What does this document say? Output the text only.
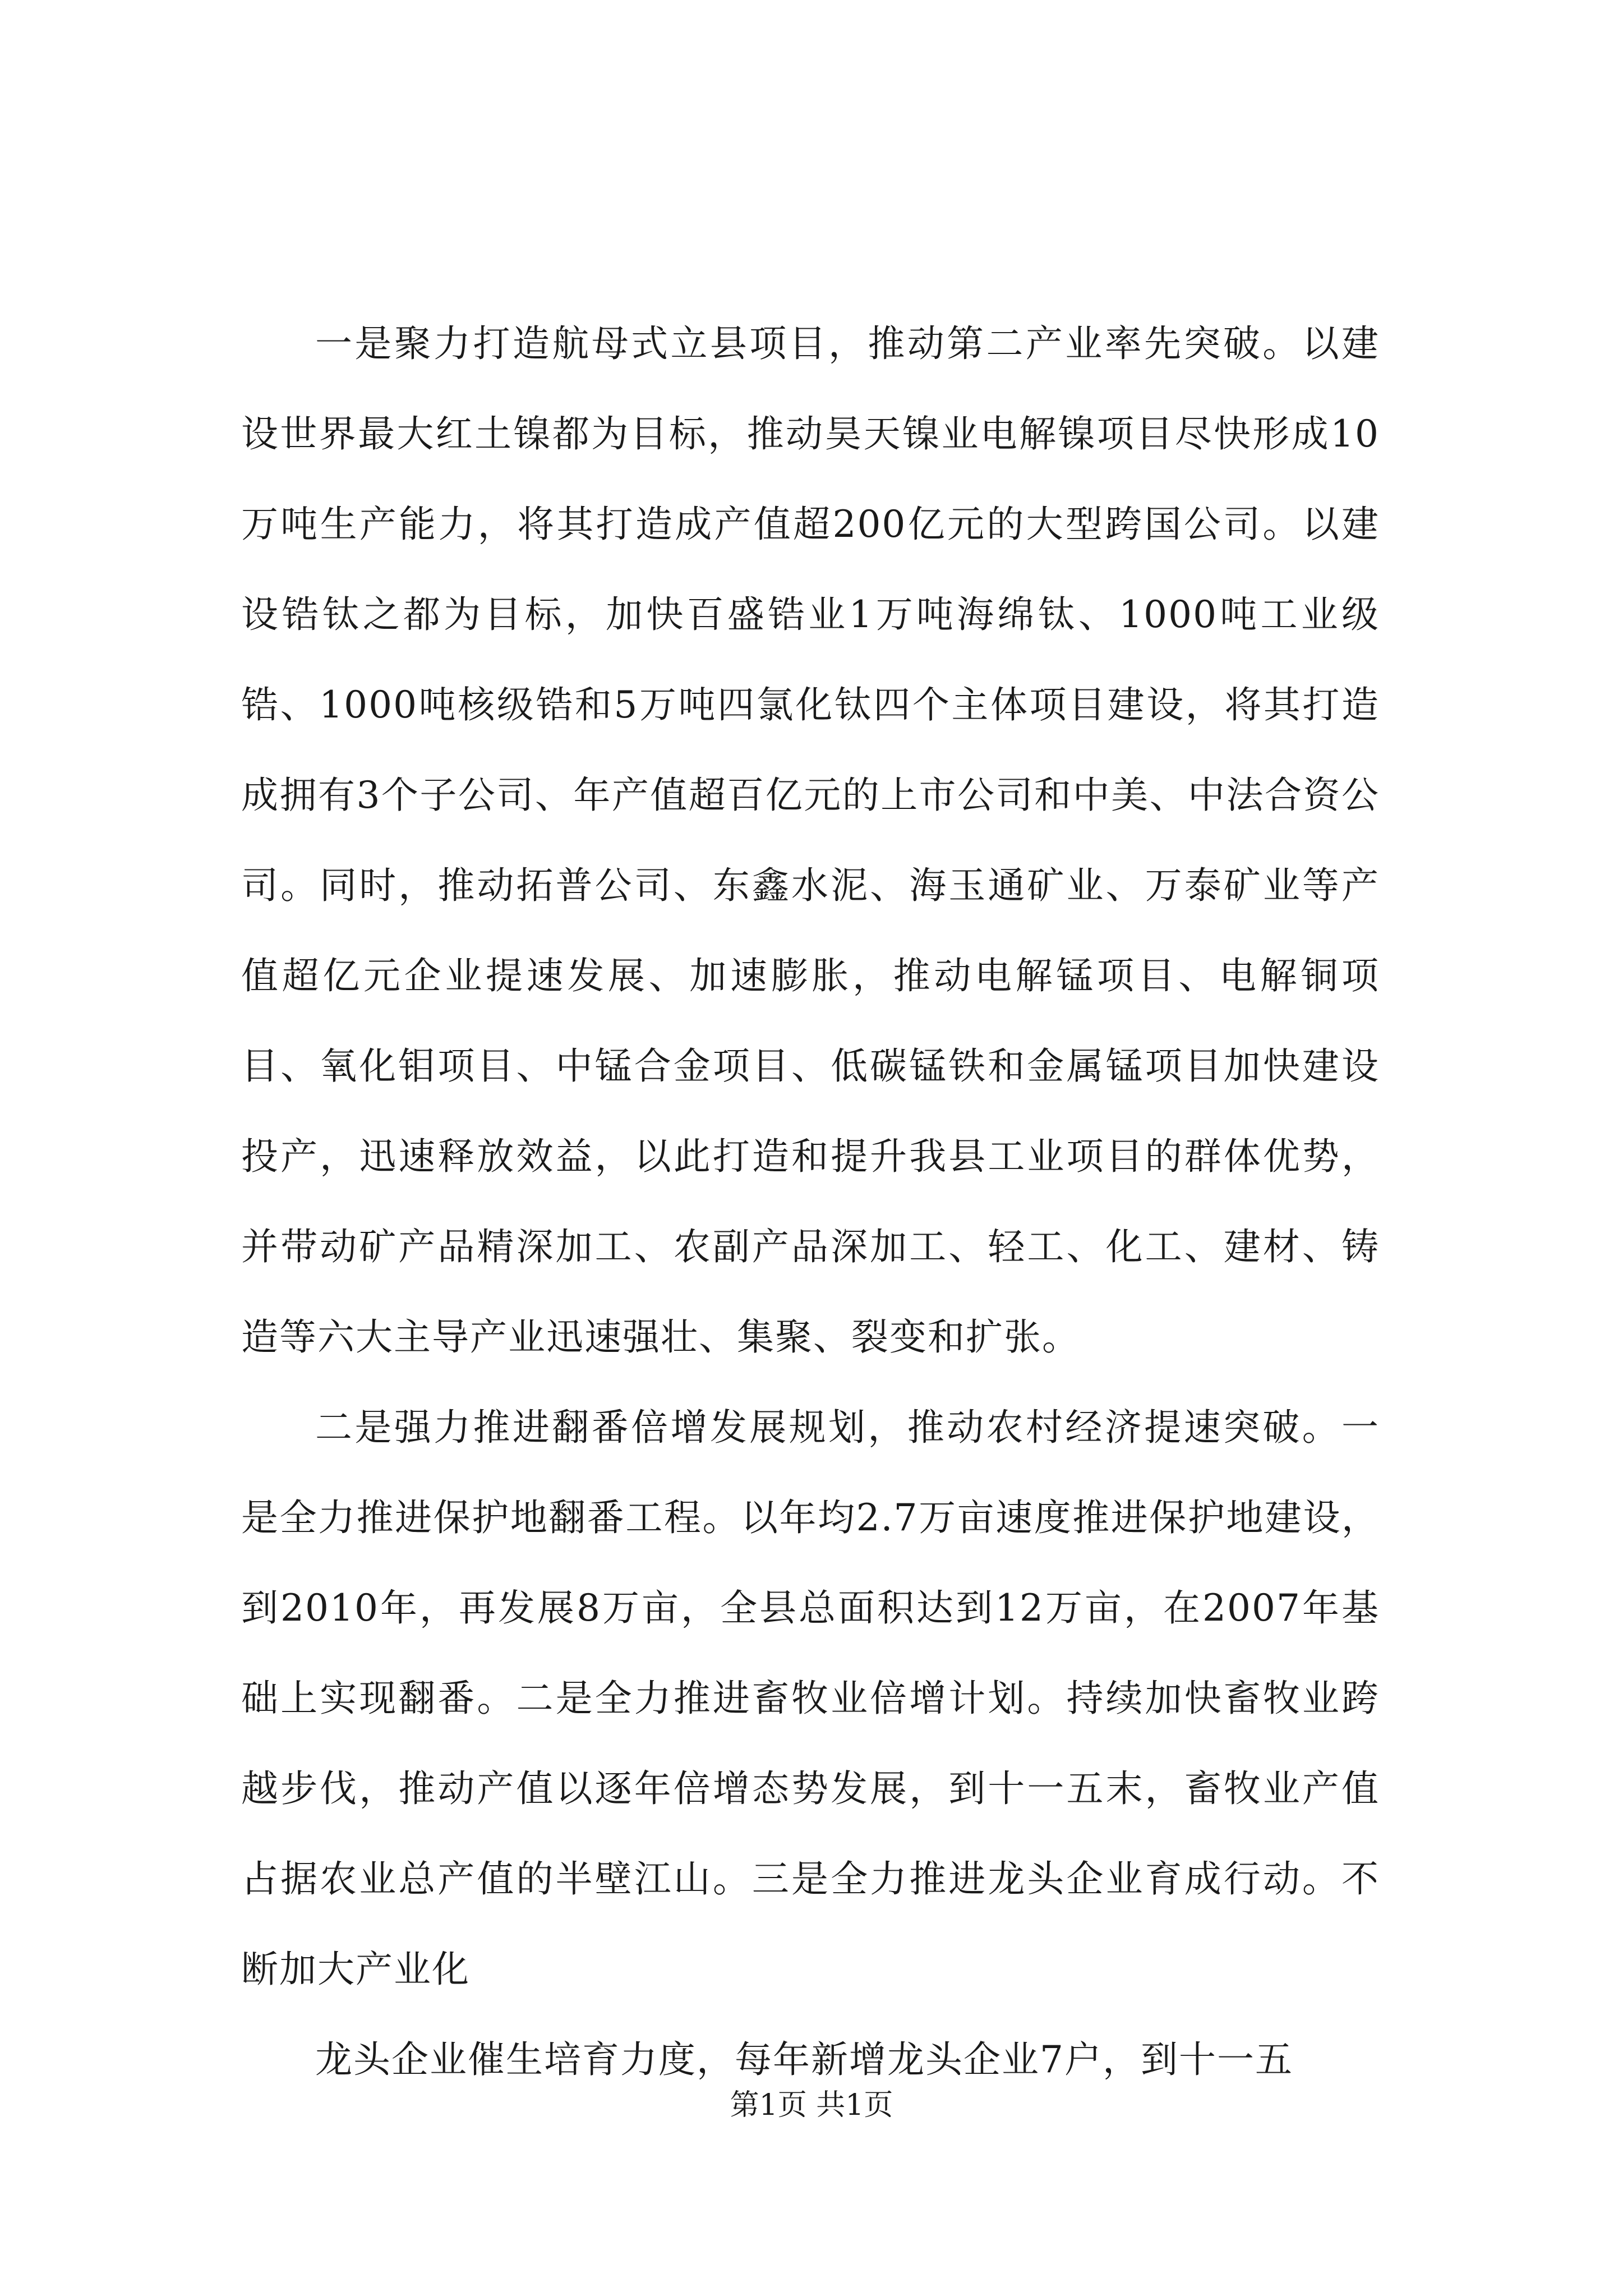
一是聚力打造航母式立县项目，推动第二产业率先突破。以建设世界最大红土镍都为目标，推动昊天镍业电解镍项目尽快形成10万吨生产能力，将其打造成产值超200亿元的大型跨国公司。以建设锆钛之都为目标，加快百盛锆业1万吨海绵钛、1000吨工业级锆、1000吨核级锆和5万吨四氯化钛四个主体项目建设，将其打造成拥有3个子公司、年产值超百亿元的上市公司和中美、中法合资公司。同时，推动拓普公司、东鑫水泥、海玉通矿业、万泰矿业等产值超亿元企业提速发展、加速膨胀，推动电解锰项目、电解铜项目、氧化钼项目、中锰合金项目、低碳锰铁和金属锰项目加快建设投产，迅速释放效益，以此打造和提升我县工业项目的群体优势，并带动矿产品精深加工、农副产品深加工、轻工、化工、建材、铸造等六大主导产业迅速强壮、集聚、裂变和扩张。

二是强力推进翻番倍增发展规划，推动农村经济提速突破。一是全力推进保护地翻番工程。以年均2.7万亩速度推进保护地建设，到2010年，再发展8万亩，全县总面积达到12万亩，在2007年基础上实现翻番。二是全力推进畜牧业倍增计划。持续加快畜牧业跨越步伐，推动产值以逐年倍增态势发展，到十一五末，畜牧业产值占据农业总产值的半壁江山。三是全力推进龙头企业育成行动。不断加大产业化

龙头企业催生培育力度，每年新增龙头企业7户，到十一五

第1页 共1页
